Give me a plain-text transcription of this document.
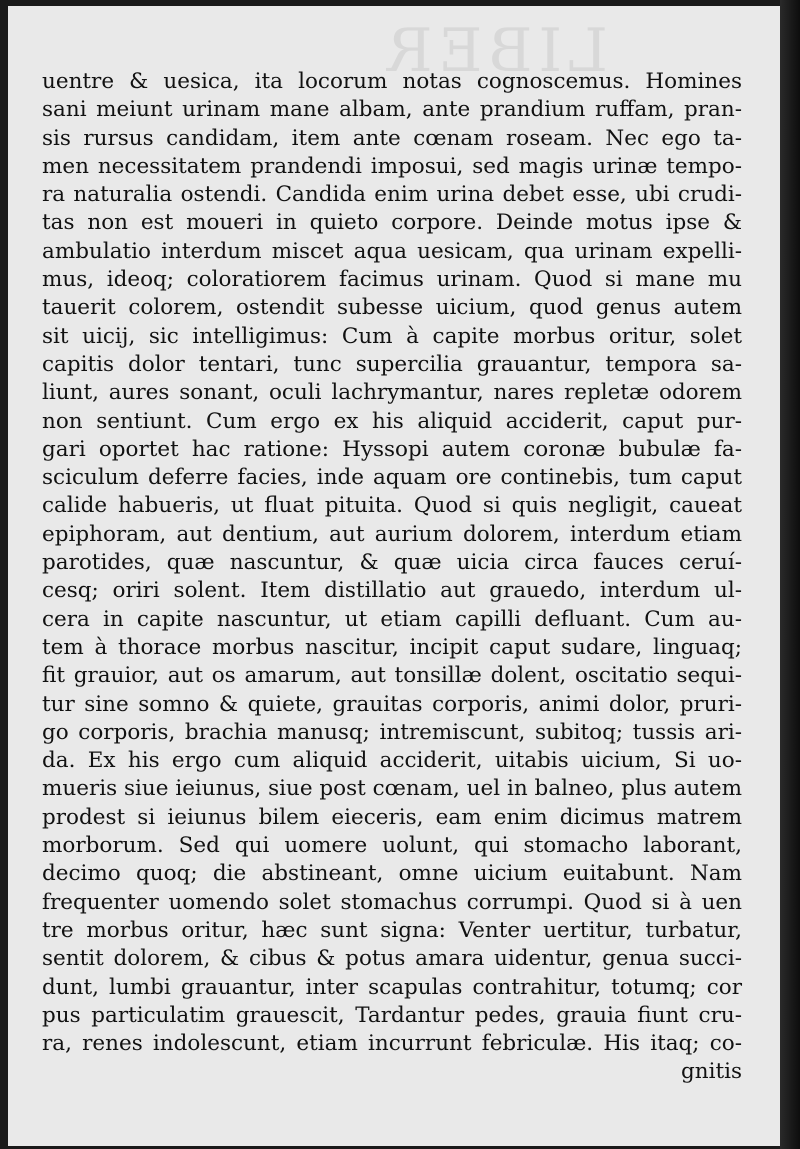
LIBER
uentre & uesica, ita locorum notas cognoscemus. Homines
sani meiunt urinam mane albam, ante prandium ruffam, pran-
sis rursus candidam, item ante cœnam roseam. Nec ego ta-
men necessitatem prandendi imposui, sed magis urinæ tempo-
ra naturalia ostendi. Candida enim urina debet esse, ubi crudi-
tas non est moueri in quieto corpore. Deinde motus ipse &
ambulatio interdum miscet aqua uesicam, qua urinam expelli-
mus, ideoq; coloratiorem facimus urinam. Quod si mane mu
tauerit colorem, ostendit subesse uicium, quod genus autem
sit uicij, sic intelligimus: Cum à capite morbus oritur, solet
capitis dolor tentari, tunc supercilia grauantur, tempora sa-
liunt, aures sonant, oculi lachrymantur, nares repletæ odorem
non sentiunt. Cum ergo ex his aliquid acciderit, caput pur-
gari oportet hac ratione: Hyssopi autem coronæ bubulæ fa-
sciculum deferre facies, inde aquam ore continebis, tum caput
calide habueris, ut fluat pituita. Quod si quis negligit, caueat
epiphoram, aut dentium, aut aurium dolorem, interdum etiam
parotides, quæ nascuntur, & quæ uicia circa fauces ceruí-
cesq; oriri solent. Item distillatio aut grauedo, interdum ul-
cera in capite nascuntur, ut etiam capilli defluant. Cum au-
tem à thorace morbus nascitur, incipit caput sudare, linguaq;
fit grauior, aut os amarum, aut tonsillæ dolent, oscitatio sequi-
tur sine somno & quiete, grauitas corporis, animi dolor, pruri-
go corporis, brachia manusq; intremiscunt, subitoq; tussis ari-
da. Ex his ergo cum aliquid acciderit, uitabis uicium, Si uo-
mueris siue ieiunus, siue post cœnam, uel in balneo, plus autem
prodest si ieiunus bilem eieceris, eam enim dicimus matrem
morborum. Sed qui uomere uolunt, qui stomacho laborant,
decimo quoq; die abstineant, omne uicium euitabunt. Nam
frequenter uomendo solet stomachus corrumpi. Quod si à uen
tre morbus oritur, hæc sunt signa: Venter uertitur, turbatur,
sentit dolorem, & cibus & potus amara uidentur, genua succi-
dunt, lumbi grauantur, inter scapulas contrahitur, totumq; cor
pus particulatim grauescit, Tardantur pedes, grauia fiunt cru-
ra, renes indolescunt, etiam incurrunt febriculæ. His itaq; co-
gnitis
